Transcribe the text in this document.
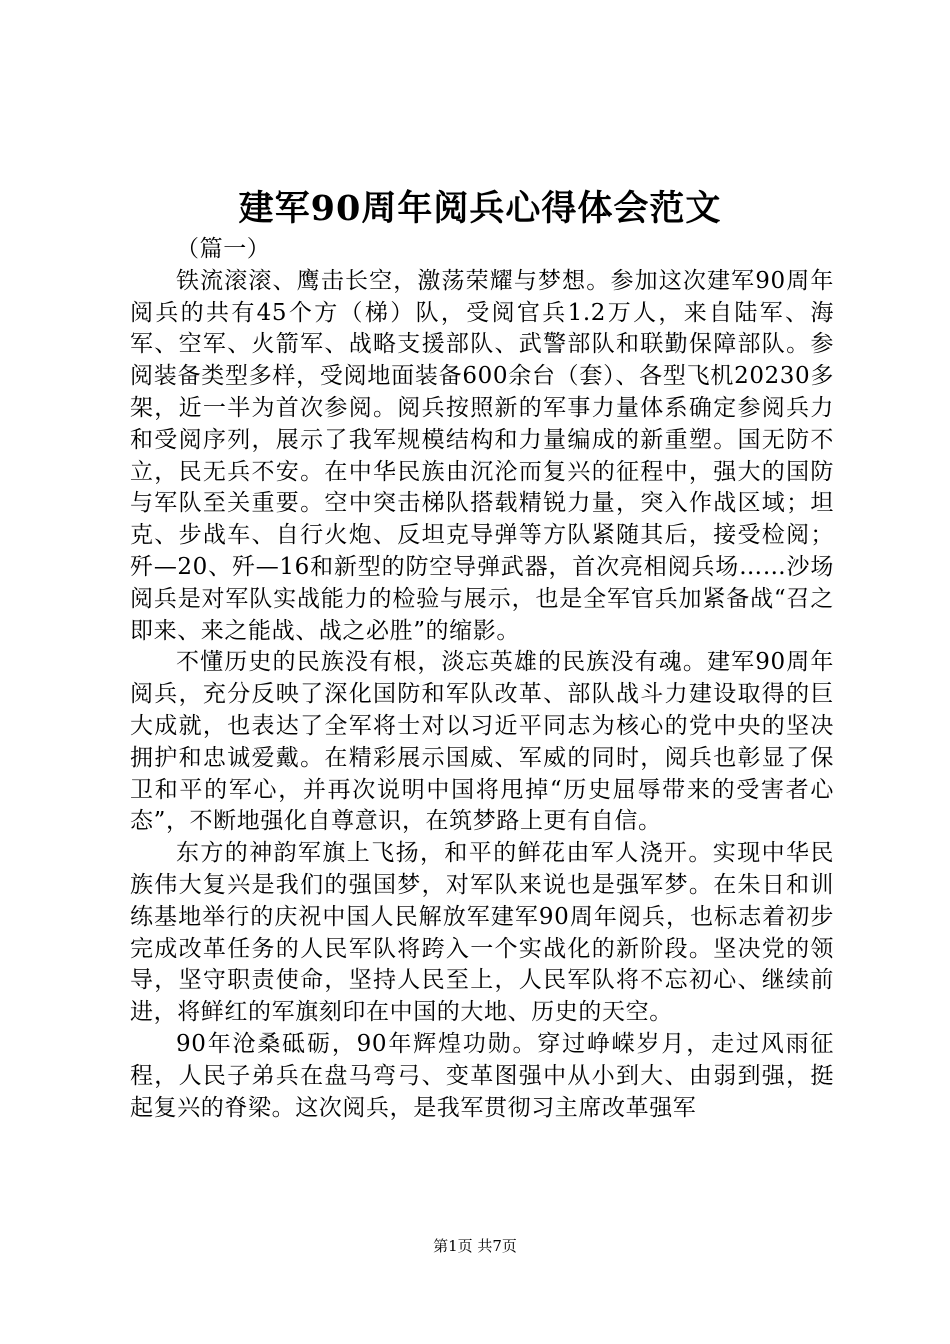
建军90周年阅兵心得体会范文

（篇一）

铁流滚滚、鹰击长空，激荡荣耀与梦想。参加这次建军90周年阅兵的共有45个方（梯）队，受阅官兵1.2万人，来自陆军、海军、空军、火箭军、战略支援部队、武警部队和联勤保障部队。参阅装备类型多样，受阅地面装备600余台（套）、各型飞机20230多架，近一半为首次参阅。阅兵按照新的军事力量体系确定参阅兵力和受阅序列，展示了我军规模结构和力量编成的新重塑。国无防不立，民无兵不安。在中华民族由沉沦而复兴的征程中，强大的国防与军队至关重要。空中突击梯队搭载精锐力量，突入作战区域；坦克、步战车、自行火炮、反坦克导弹等方队紧随其后，接受检阅；歼—20、歼—16和新型的防空导弹武器，首次亮相阅兵场……沙场阅兵是对军队实战能力的检验与展示，也是全军官兵加紧备战“召之即来、来之能战、战之必胜”的缩影。

不懂历史的民族没有根，淡忘英雄的民族没有魂。建军90周年阅兵，充分反映了深化国防和军队改革、部队战斗力建设取得的巨大成就，也表达了全军将士对以习近平同志为核心的党中央的坚决拥护和忠诚爱戴。在精彩展示国威、军威的同时，阅兵也彰显了保卫和平的军心，并再次说明中国将甩掉“历史屈辱带来的受害者心态”，不断地强化自尊意识，在筑梦路上更有自信。

东方的神韵军旗上飞扬，和平的鲜花由军人浇开。实现中华民族伟大复兴是我们的强国梦，对军队来说也是强军梦。在朱日和训练基地举行的庆祝中国人民解放军建军90周年阅兵，也标志着初步完成改革任务的人民军队将跨入一个实战化的新阶段。坚决党的领导，坚守职责使命，坚持人民至上，人民军队将不忘初心、继续前进，将鲜红的军旗刻印在中国的大地、历史的天空。

90年沧桑砥砺，90年辉煌功勋。穿过峥嵘岁月，走过风雨征程，人民子弟兵在盘马弯弓、变革图强中从小到大、由弱到强，挺起复兴的脊梁。这次阅兵，是我军贯彻习主席改革强军

第1页 共7页
